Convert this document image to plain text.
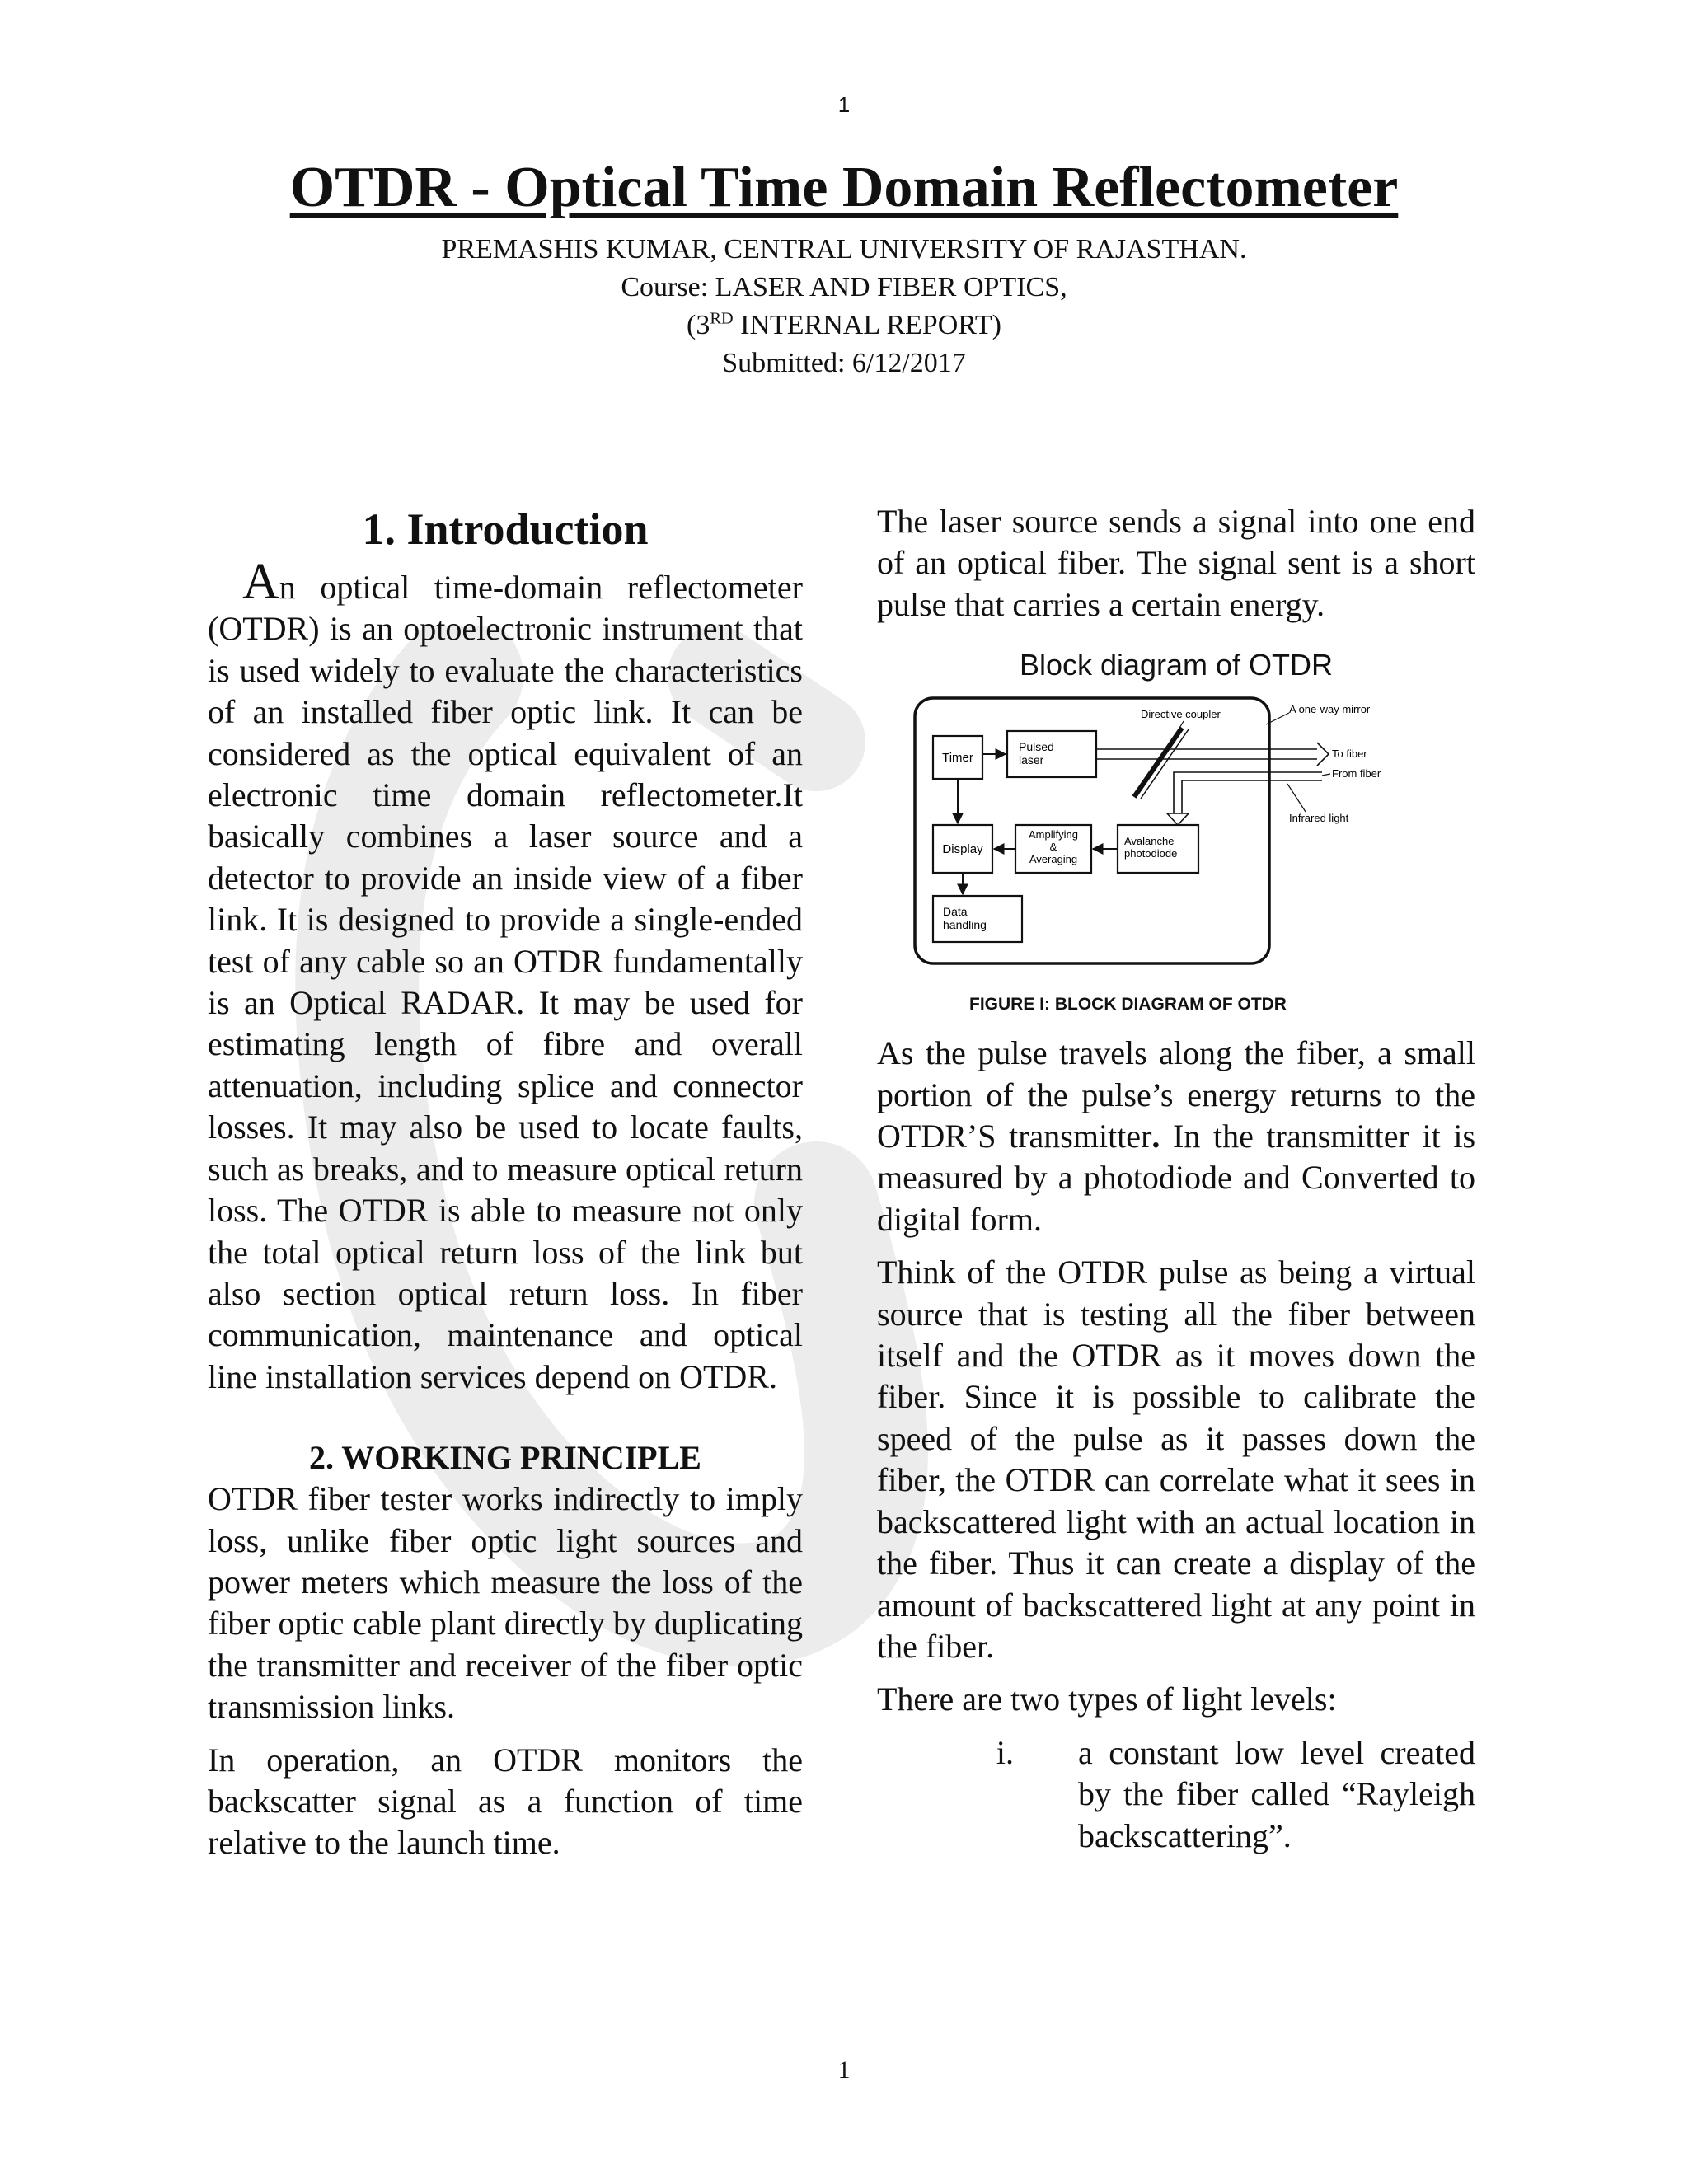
1
OTDR - Optical Time Domain Reflectometer
PREMASHIS KUMAR, CENTRAL UNIVERSITY OF RAJASTHAN.
Course: LASER AND FIBER OPTICS,
(3RD INTERNAL REPORT)
Submitted: 6/12/2017
1. Introduction

An optical time-domain reflectometer (OTDR) is an optoelectronic instrument that is used widely to evaluate the characteristics of an installed fiber optic link. It can be considered as the optical equivalent of an electronic time domain reflectometer.It basically combines a laser source and a detector to provide an inside view of a fiber link. It is designed to provide a single-ended test of any cable so an OTDR fundamentally is an Optical RADAR. It may be used for estimating length of fibre and overall attenuation, including splice and connector losses. It may also be used to locate faults, such as breaks, and to measure optical return loss. The OTDR is able to measure not only the total optical return loss of the link but also section optical return loss. In fiber communication, maintenance and optical line installation services depend on OTDR.

2. WORKING PRINCIPLE

OTDR fiber tester works indirectly to imply loss, unlike fiber optic light sources and power meters which measure the loss of the fiber optic cable plant directly by duplicating the transmitter and receiver of the fiber optic transmission links.

In operation, an OTDR monitors the backscatter signal as a function of time relative to the launch time.

The laser source sends a signal into one end of an optical fiber. The signal sent is a short pulse that carries a certain energy.

Block diagram of OTDR
Timer
Pulsed
laser
Display
Amplifying
&
Averaging
Avalanche
photodiode
Data
handling
Directive coupler	A one-way mirror
To fiber
From fiber
Infrared light
FIGURE I: BLOCK DIAGRAM OF OTDR

As the pulse travels along the fiber, a small portion of the pulse’s energy returns to the OTDR’S transmitter. In the transmitter it is measured by a photodiode and Converted to digital form.

Think of the OTDR pulse as being a virtual source that is testing all the fiber between itself and the OTDR as it moves down the fiber. Since it is possible to calibrate the speed of the pulse as it passes down the fiber, the OTDR can correlate what it sees in backscattered light with an actual location in the fiber. Thus it can create a display of the amount of backscattered light at any point in the fiber.

There are two types of light levels:

i. a constant low level created by the fiber called “Rayleigh backscattering”.
1
